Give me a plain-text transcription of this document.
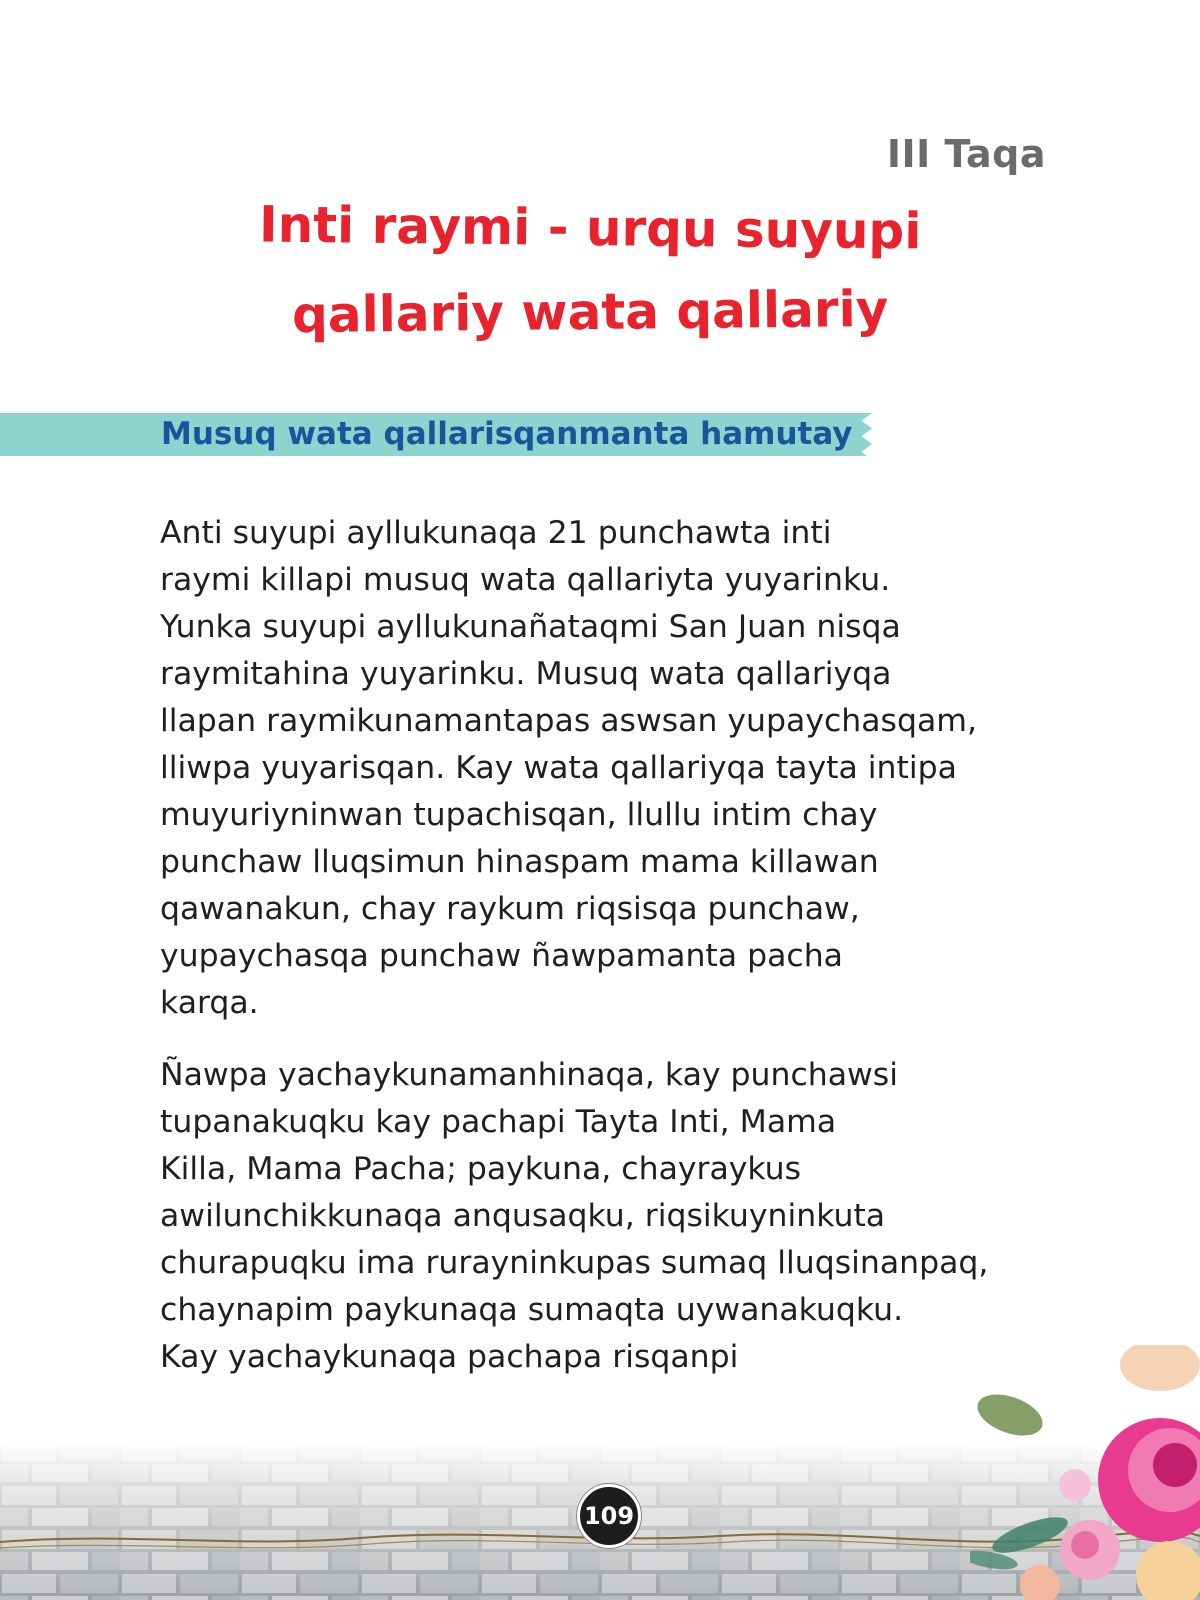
III Taqa
Inti raymi - urqu suyupi
qallariy wata qallariy
Musuq wata qallarisqanmanta hamutay

Anti suyupi ayllukunaqa 21 punchawta inti
raymi killapi musuq wata qallariyta yuyarinku.
Yunka suyupi ayllukunañataqmi San Juan nisqa
raymitahina yuyarinku. Musuq wata qallariyqa
llapan raymikunamantapas aswsan yupaychasqam,
lliwpa yuyarisqan. Kay wata qallariyqa tayta intipa
muyuriyninwan tupachisqan, llullu intim chay
punchaw lluqsimun hinaspam mama killawan
qawanakun, chay raykum riqsisqa punchaw,
yupaychasqa punchaw ñawpamanta pacha
karqa.

Ñawpa yachaykunamanhinaqa, kay punchawsi
tupanakuqku kay pachapi Tayta Inti, Mama
Killa, Mama Pacha; paykuna, chayraykus
awilunchikkunaqa anqusaqku, riqsikuyninkuta
churapuqku ima rurayninkupas sumaq lluqsinanpaq,
chaynapim paykunaqa sumaqta uywanakuqku.
Kay yachaykunaqa pachapa risqanpi

109
